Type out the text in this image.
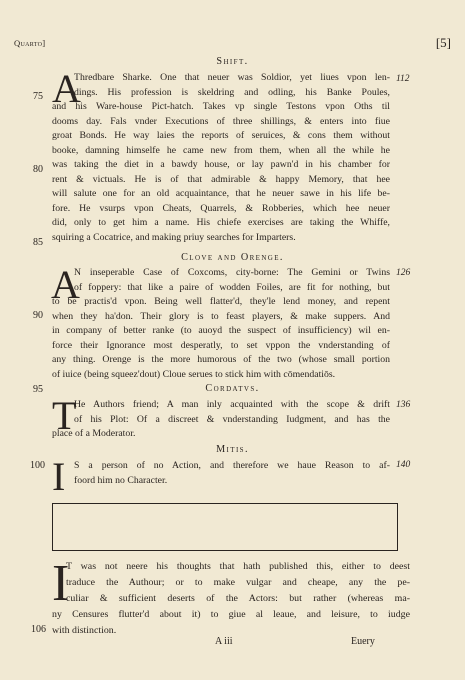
Quarto]	[5]
Shift.
A	112
Thredbare Sharke. One that neuer was Soldior, yet liues vpon len-
dings. His profession is skeldring and odling, his Banke Poules,
and his Ware-house Pict-hatch. Takes vp single Testons vpon Oths til
dooms day. Fals vnder Executions of three shillings, & enters into fiue
groat Bonds. He way laies the reports of seruices, & cons them without
booke, damning himselfe he came new from them, when all the while he
was taking the diet in a bawdy house, or lay pawn'd in his chamber for
rent & victuals. He is of that admirable & happy Memory, that hee
will salute one for an old acquaintance, that he neuer sawe in his life be-
fore. He vsurps vpon Cheats, Quarrels, & Robberies, which hee neuer
did, only to get him a name. His chiefe exercises are taking the Whiffe,
squiring a Cocatrice, and making priuy searches for Imparters.
Clove and Orenge.
A	126
N inseperable Case of Coxcoms, city-borne: The Gemini or Twins
of foppery: that like a paire of wodden Foiles, are fit for nothing, but
to be practis'd vpon. Being well flatter'd, they'le lend money, and repent
when they ha'don. Their glory is to feast players, & make suppers. And
in company of better ranke (to auoyd the suspect of insufficiency) wil en-
force their Ignorance most desperatly, to set vppon the vnderstanding of
any thing. Orenge is the more humorous of the two (whose small portion
of iuice (being squeez'dout) Cloue serues to stick him with cōmendatiōs.
Cordatvs.
T	136
He Authors friend; A man inly acquainted with the scope & drift
of his Plot: Of a discreet & vnderstanding Iudgment, and has the
place of a Moderator.
Mitis.
I	140
S a person of no Action, and therefore we haue Reason to af-
foord him no Character.
75
80
85
90
95
100
106
I
T was not neere his thoughts that hath published this, either to deest
traduce the Authour; or to make vulgar and cheape, any the pe-
culiar & sufficient deserts of the Actors: but rather (whereas ma-
ny Censures flutter'd about it) to giue al leaue, and leisure, to iudge
with distinction.
A iii	Euery
